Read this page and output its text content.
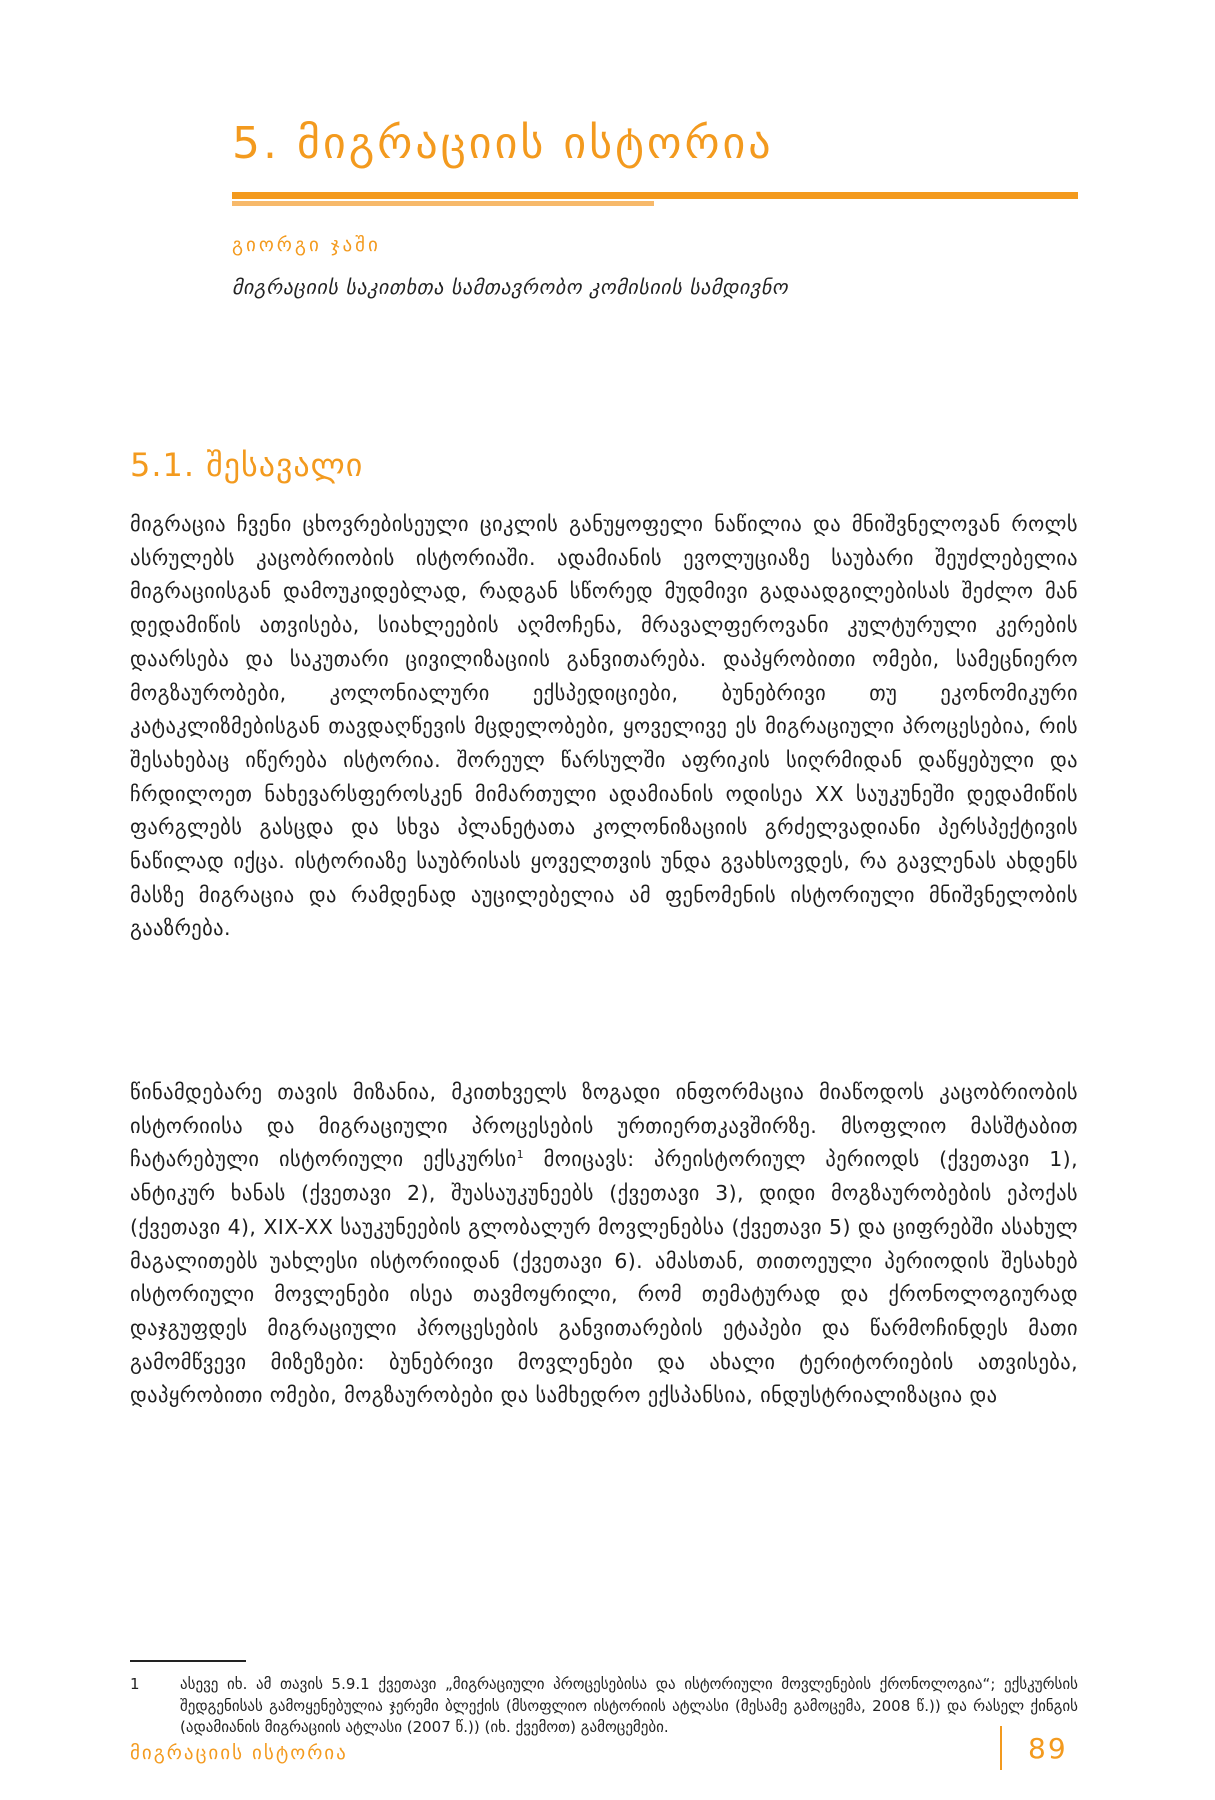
5. მიგრაციის ისტორია
გიორგი ჯაში
მიგრაციის საკითხთა სამთავრობო კომისიის სამდივნო
5.1. შესავალი

მიგრაცია ჩვენი ცხოვრებისეული ციკლის განუყოფელი ნაწილია და მნიშვნელოვან როლს ასრულებს კაცობრიობის ისტორიაში. ადამიანის ევოლუციაზე საუბარი შეუძლებელია მიგრაციისგან დამოუკიდებლად, რადგან სწორედ მუდმივი გადაადგილებისას შეძლო მან დედამიწის ათვისება, სიახლეების აღმოჩენა, მრავალფეროვანი კულტურული კერების დაარსება და საკუთარი ცივილიზაციის განვითარება. დაპყრობითი ომები, სამეცნიერო მოგზაურობები, კოლონიალური ექსპედიციები, ბუნებრივი თუ ეკონომიკური კატაკლიზმებისგან თავდაღწევის მცდელობები, ყოველივე ეს მიგრაციული პროცესებია, რის შესახებაც იწერება ისტორია. შორეულ წარსულში აფრიკის სიღრმიდან დაწყებული და ჩრდილოეთ ნახევარსფეროსკენ მიმართული ადამიანის ოდისეა XX საუკუნეში დედამიწის ფარგლებს გასცდა და სხვა პლანეტათა კოლონიზაციის გრძელვადიანი პერსპექტივის ნაწილად იქცა. ისტორიაზე საუბრისას ყოველთვის უნდა გვახსოვდეს, რა გავლენას ახდენს მასზე მიგრაცია და რამდენად აუცილებელია ამ ფენომენის ისტორიული მნიშვნელობის გააზრება.

წინამდებარე თავის მიზანია, მკითხველს ზოგადი ინფორმაცია მიაწოდოს კაცობრიობის ისტორიისა და მიგრაციული პროცესების ურთიერთკავშირზე. მსოფლიო მასშტაბით ჩატარებული ისტორიული ექსკურსი$^1$ მოიცავს: პრეისტორიულ პერიოდს (ქვეთავი 1), ანტიკურ ხანას (ქვეთავი 2), შუასაუკუნეებს (ქვეთავი 3), დიდი მოგზაურობების ეპოქას (ქვეთავი 4), XIX-XX საუკუნეების გლობალურ მოვლენებსა (ქვეთავი 5) და ციფრებში ასახულ მაგალითებს უახლესი ისტორიიდან (ქვეთავი 6). ამასთან, თითოეული პერიოდის შესახებ ისტორიული მოვლენები ისეა თავმოყრილი, რომ თემატურად და ქრონოლოგიურად დაჯგუფდეს მიგრაციული პროცესების განვითარების ეტაპები და წარმოჩინდეს მათი გამომწვევი მიზეზები: ბუნებრივი მოვლენები და ახალი ტერიტორიების ათვისება, დაპყრობითი ომები, მოგზაურობები და სამხედრო ექსპანსია, ინდუსტრიალიზაცია და

1	ასევე იხ. ამ თავის 5.9.1 ქვეთავი „მიგრაციული პროცესებისა და ისტორიული მოვლენების ქრონოლოგია“; ექსკურსის შედგენისას გამოყენებულია ჯერემი ბლექის (მსოფლიო ისტორიის ატლასი (მესამე გამოცემა, 2008 წ.)) და რასელ ქინგის (ადამიანის მიგრაციის ატლასი (2007 წ.)) (იხ. ქვემოთ) გამოცემები.
მიგრაციის ისტორია	89
